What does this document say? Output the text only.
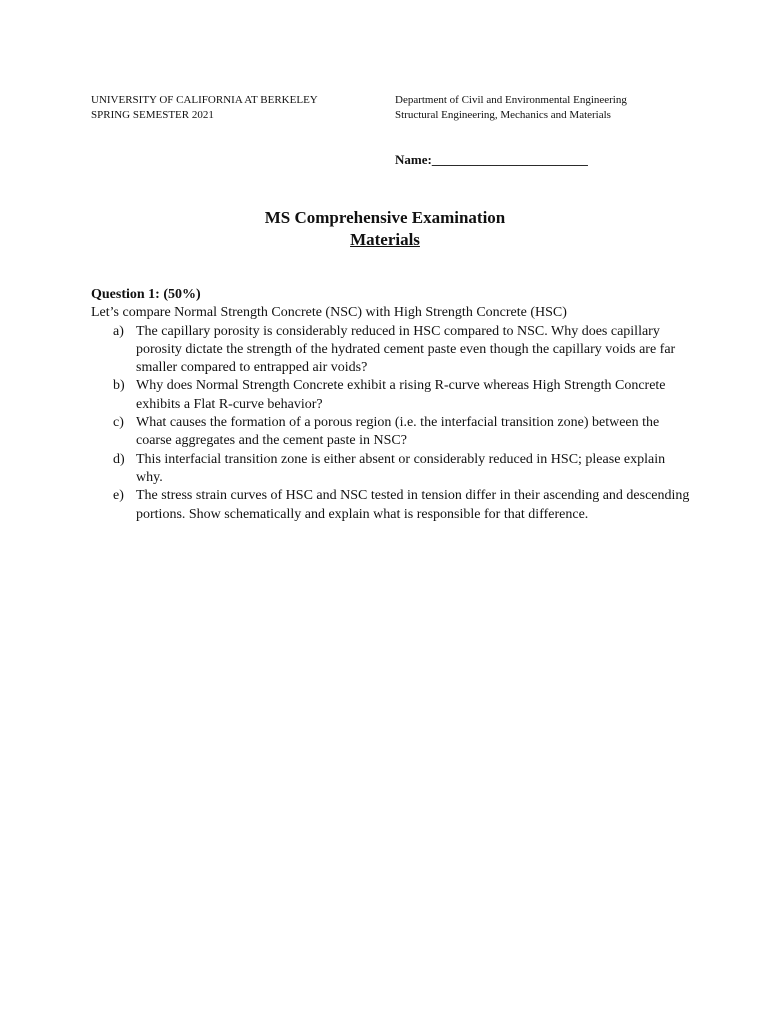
UNIVERSITY OF CALIFORNIA AT BERKELEY
SPRING SEMESTER 2021
Department of Civil and Environmental Engineering
Structural Engineering, Mechanics and Materials
Name:________________________
MS Comprehensive Examination
Materials
Question 1: (50%)
Let’s compare Normal Strength Concrete (NSC) with High Strength Concrete (HSC)
a) The capillary porosity is considerably reduced in HSC compared to NSC. Why does capillary porosity dictate the strength of the hydrated cement paste even though the capillary voids are far smaller compared to entrapped air voids?
b) Why does Normal Strength Concrete exhibit a rising R-curve whereas High Strength Concrete exhibits a Flat R-curve behavior?
c) What causes the formation of a porous region (i.e. the interfacial transition zone) between the coarse aggregates and the cement paste in NSC?
d) This interfacial transition zone is either absent or considerably reduced in HSC; please explain why.
e) The stress strain curves of HSC and NSC tested in tension differ in their ascending and descending portions. Show schematically and explain what is responsible for that difference.
